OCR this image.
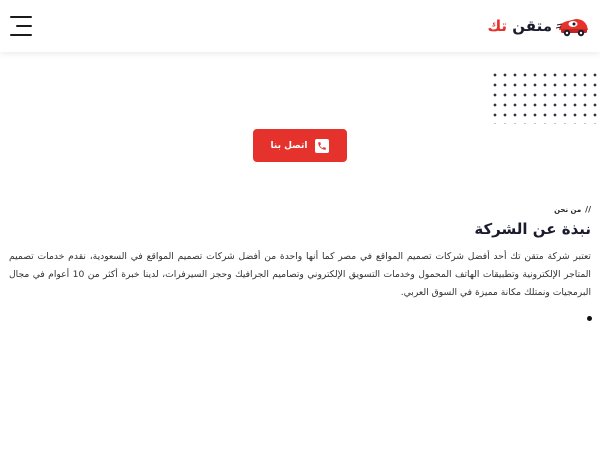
متقن تك
اتصل بنا
//
من نحن
نبذة عن الشركة

تعتبر شركة متقن تك أحد أفضل شركات تصميم المواقع في مصر كما أنها واحدة من أفضل شركات تصميم المواقع في السعودية، نقدم خدمات تصميم المتاجر الإلكترونية وتطبيقات الهاتف المحمول وخدمات التسويق الإلكتروني وتصاميم الجرافيك وحجز السيرفرات، لدينا خبرة أكثر من 10 أعوام في مجال البرمجيات ونمتلك مكانة مميزة في السوق العربي.
